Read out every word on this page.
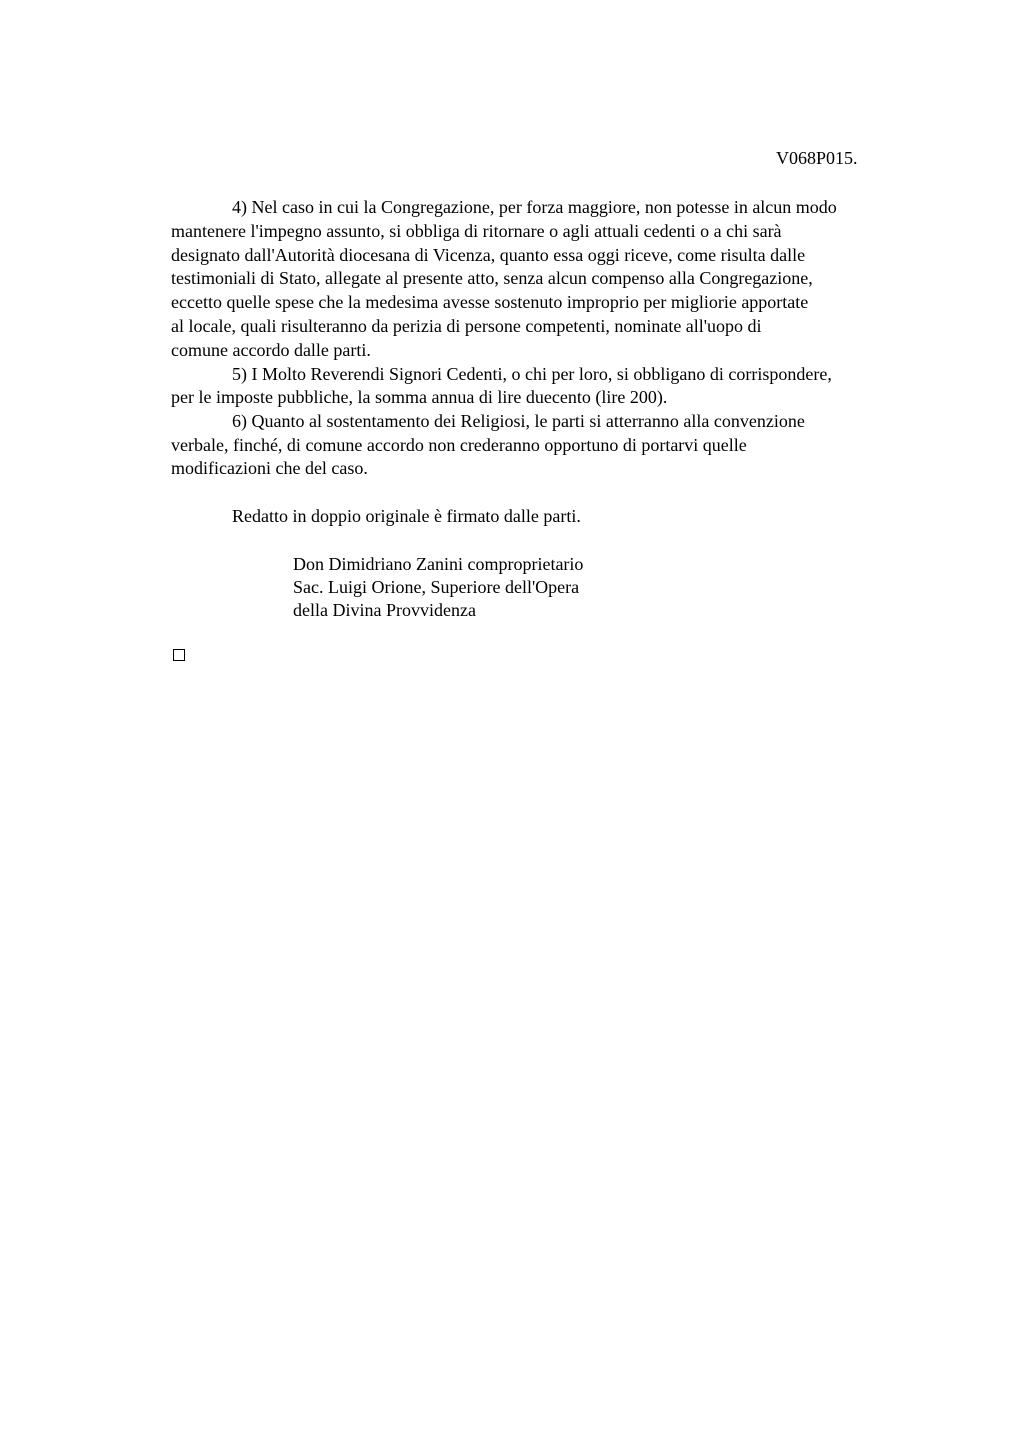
V068P015.
4) Nel caso in cui la Congregazione, per forza maggiore, non potesse in alcun modo
mantenere l'impegno assunto, si obbliga di ritornare o agli attuali cedenti o a chi sarà
designato dall'Autorità diocesana di Vicenza, quanto essa oggi riceve, come risulta dalle
testimoniali di Stato, allegate al presente atto, senza alcun compenso alla Congregazione,
eccetto quelle spese che la medesima avesse sostenuto improprio per migliorie apportate
al locale, quali risulteranno da perizia di persone competenti, nominate all'uopo di
comune accordo dalle parti.
5) I Molto Reverendi Signori Cedenti, o chi per loro, si obbligano di corrispondere,
per le imposte pubbliche, la somma annua di lire duecento (lire 200).
6) Quanto al sostentamento dei Religiosi, le parti si atterranno alla convenzione
verbale, finché, di comune accordo non crederanno opportuno di portarvi quelle
modificazioni che del caso.
Redatto in doppio originale è firmato dalle parti.
Don Dimidriano Zanini comproprietario
Sac. Luigi Orione, Superiore dell'Opera
della Divina Provvidenza
